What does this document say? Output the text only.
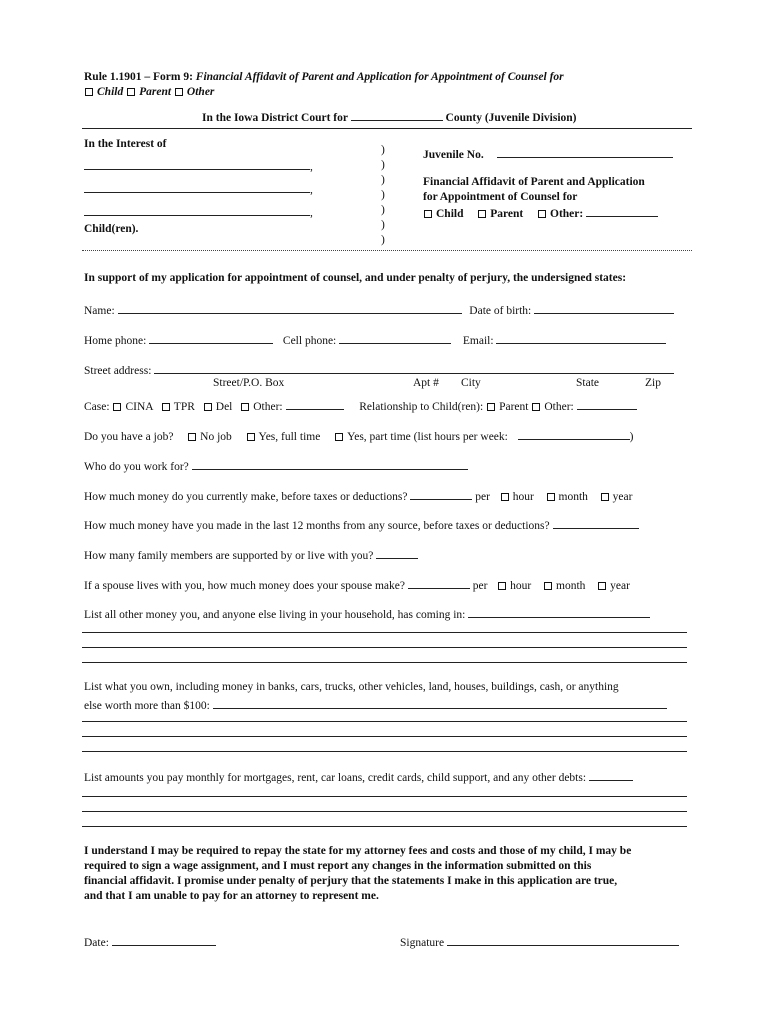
Rule 1.1901 – Form 9: Financial Affidavit of Parent and Application for Appointment of Counsel for
Child Parent Other
In the Iowa District Court for	County (Juvenile Division)
In the Interest of
,
,
,
Child(ren).
)
)
)
)
)
)
)
Juvenile No.
Financial Affidavit of Parent and Application
for Appointment of Counsel for
Child Parent Other:
In support of my application for appointment of counsel, and under penalty of perjury, the undersigned states:
Name:	Date of birth:
Home phone:	Cell phone:	Email:
Street address:
Street/P.O. Box	Apt # City	State	Zip
Case: CINA TPR Del Other:	Relationship to Child(ren): Parent Other:
Do you have a job? No job Yes, full time Yes, part time (list hours per week:	)
Who do you work for?
How much money do you currently make, before taxes or deductions?	per hour month year
How much money have you made in the last 12 months from any source, before taxes or deductions?
How many family members are supported by or live with you?
If a spouse lives with you, how much money does your spouse make?	per hour month year
List all other money you, and anyone else living in your household, has coming in:
List what you own, including money in banks, cars, trucks, other vehicles, land, houses, buildings, cash, or anything
else worth more than $100:
List amounts you pay monthly for mortgages, rent, car loans, credit cards, child support, and any other debts:
I understand I may be required to repay the state for my attorney fees and costs and those of my child, I may be
required to sign a wage assignment, and I must report any changes in the information submitted on this
financial affidavit. I promise under penalty of perjury that the statements I make in this application are true,
and that I am unable to pay for an attorney to represent me.
Date:	Signature
